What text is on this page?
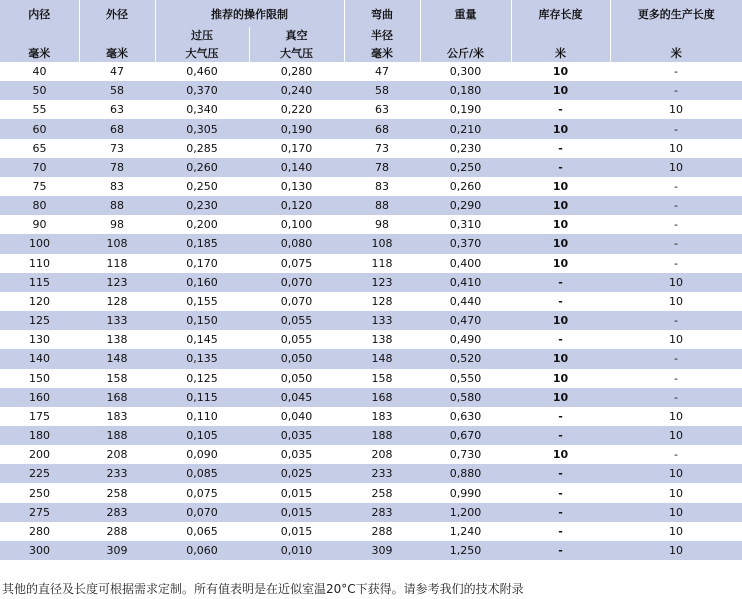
内径	外径	推荐的操作限制		弯曲	重量	库存长度	更多的生产长度
		过压	真空	半径			
毫米	毫米	大气压	大气压	毫米	公斤/米	米	米
40	47	0,460	0,280	47	0,300	10	-
50	58	0,370	0,240	58	0,180	10	-
55	63	0,340	0,220	63	0,190	-	10
60	68	0,305	0,190	68	0,210	10	-
65	73	0,285	0,170	73	0,230	-	10
70	78	0,260	0,140	78	0,250	-	10
75	83	0,250	0,130	83	0,260	10	-
80	88	0,230	0,120	88	0,290	10	-
90	98	0,200	0,100	98	0,310	10	-
100	108	0,185	0,080	108	0,370	10	-
110	118	0,170	0,075	118	0,400	10	-
115	123	0,160	0,070	123	0,410	-	10
120	128	0,155	0,070	128	0,440	-	10
125	133	0,150	0,055	133	0,470	10	-
130	138	0,145	0,055	138	0,490	-	10
140	148	0,135	0,050	148	0,520	10	-
150	158	0,125	0,050	158	0,550	10	-
160	168	0,115	0,045	168	0,580	10	-
175	183	0,110	0,040	183	0,630	-	10
180	188	0,105	0,035	188	0,670	-	10
200	208	0,090	0,035	208	0,730	10	-
225	233	0,085	0,025	233	0,880	-	10
250	258	0,075	0,015	258	0,990	-	10
275	283	0,070	0,015	283	1,200	-	10
280	288	0,065	0,015	288	1,240	-	10
300	309	0,060	0,010	309	1,250	-	10
其他的直径及长度可根据需求定制。所有值表明是在近似室温20°C下获得。请参考我们的技术附录
